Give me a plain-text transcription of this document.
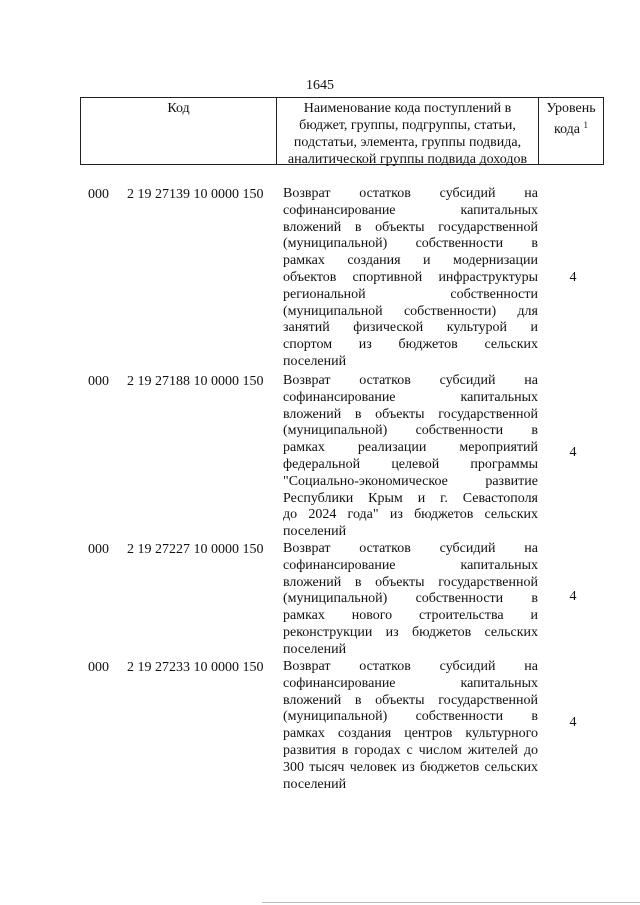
1645
Код	Наименование кода поступлений в
бюджет, группы, подгруппы, статьи,
подстатьи, элемента, группы подвида,
аналитической группы подвида доходов
Уровень
кода $^1$
000 2 19 27139 10 0000 150 Возврат остатков субсидий на
софинансирование капитальных
вложений в объекты государственной
(муниципальной) собственности в
рамках создания и модернизации
объектов спортивной инфраструктуры
региональной собственности
(муниципальной собственности) для
занятий физической культурой и
спортом из бюджетов сельских
поселений
4
000 2 19 27188 10 0000 150 Возврат остатков субсидий на
софинансирование капитальных
вложений в объекты государственной
(муниципальной) собственности в
рамках реализации мероприятий
федеральной целевой программы
"Социально-экономическое развитие
Республики Крым и г. Севастополя
до 2024 года" из бюджетов сельских
поселений
4
000 2 19 27227 10 0000 150 Возврат остатков субсидий на
софинансирование капитальных
вложений в объекты государственной
(муниципальной) собственности в
рамках нового строительства и
реконструкции из бюджетов сельских
поселений
4
000 2 19 27233 10 0000 150 Возврат остатков субсидий на
софинансирование капитальных
вложений в объекты государственной
(муниципальной) собственности в
рамках создания центров культурного
развития в городах с числом жителей до
300 тысяч человек из бюджетов сельских
поселений
4
